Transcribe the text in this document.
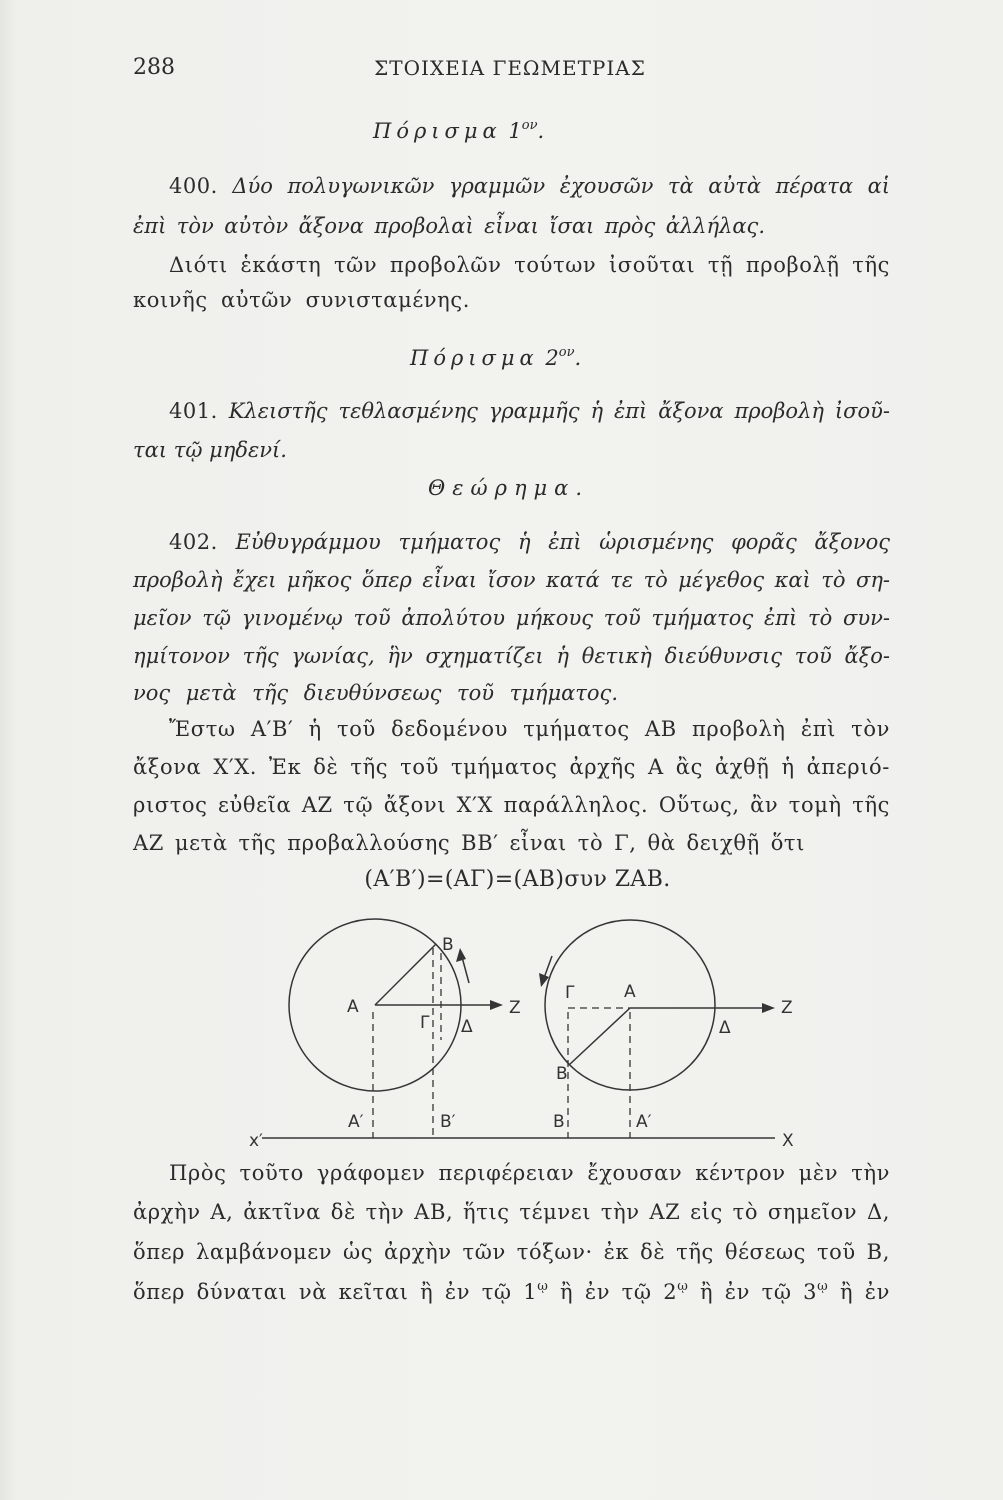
288	ΣΤΟΙΧΕΙΑ ΓΕΩΜΕΤΡΙΑΣ
Πόρισμα $1^{o\nu}$.
400. Δύο πολυγωνικῶν γραμμῶν ἐχουσῶν τὰ αὐτὰ πέρατα αἱ
ἐπὶ τὸν αὐτὸν ἄξονα προβολαὶ εἶναι ἴσαι πρὸς ἀλλήλας.
Διότι ἑκάστη τῶν προβολῶν τούτων ἰσοῦται τῇ προβολῇ τῆς
κοινῆς αὐτῶν συνισταμένης.
Πόρισμα $2^{o\nu}$.
401. Κλειστῆς τεθλασμένης γραμμῆς ἡ ἐπὶ ἄξονα προβολὴ ἰσοῦ-
ται τῷ μηδενί.
Θεώρημα.
402. Εὐθυγράμμου τμήματος ἡ ἐπὶ ὡρισμένης φορᾶς ἄξονος
προβολὴ ἔχει μῆκος ὅπερ εἶναι ἴσον κατά τε τὸ μέγεθος καὶ τὸ ση-
μεῖον τῷ γινομένῳ τοῦ ἀπολύτου μήκους τοῦ τμήματος ἐπὶ τὸ συν-
ημίτονον τῆς γωνίας, ἣν σχηματίζει ἡ θετικὴ διεύθυνσις τοῦ ἄξο-
νος μετὰ τῆς διευθύνσεως τοῦ τμήματος.
Ἔστω Α′Β′ ἡ τοῦ δεδομένου τμήματος ΑΒ προβολὴ ἐπὶ τὸν
ἄξονα Χ′Χ. Ἐκ δὲ τῆς τοῦ τμήματος ἀρχῆς Α ἂς ἀχθῇ ἡ ἀπεριό-
ριστος εὐθεῖα ΑΖ τῷ ἄξονι Χ′Χ παράλληλος. Οὕτως, ἂν τομὴ τῆς
ΑΖ μετὰ τῆς προβαλλούσης ΒΒ′ εἶναι τὸ Γ, θὰ δειχθῇ ὅτι
(Α′Β′)=(ΑΓ)=(ΑΒ)συν ΖΑΒ.
Β
Α	Ζ
Γ Δ
Α′	Β′
Γ	Α
Ζ
Δ
Β
Β	Α′
x′	X
Πρὸς τοῦτο γράφομεν περιφέρειαν ἔχουσαν κέντρον μὲν τὴν
ἀρχὴν Α, ἀκτῖνα δὲ τὴν ΑΒ, ἥτις τέμνει τὴν ΑΖ εἰς τὸ σημεῖον Δ,
ὅπερ λαμβάνομεν ὡς ἀρχὴν τῶν τόξων· ἐκ δὲ τῆς θέσεως τοῦ Β,
ὅπερ δύναται νὰ κεῖται ἢ ἐν τῷ $1^ῳ$ ἢ ἐν τῷ $2^ῳ$ ἢ ἐν τῷ $3^ῳ$ ἢ ἐν
